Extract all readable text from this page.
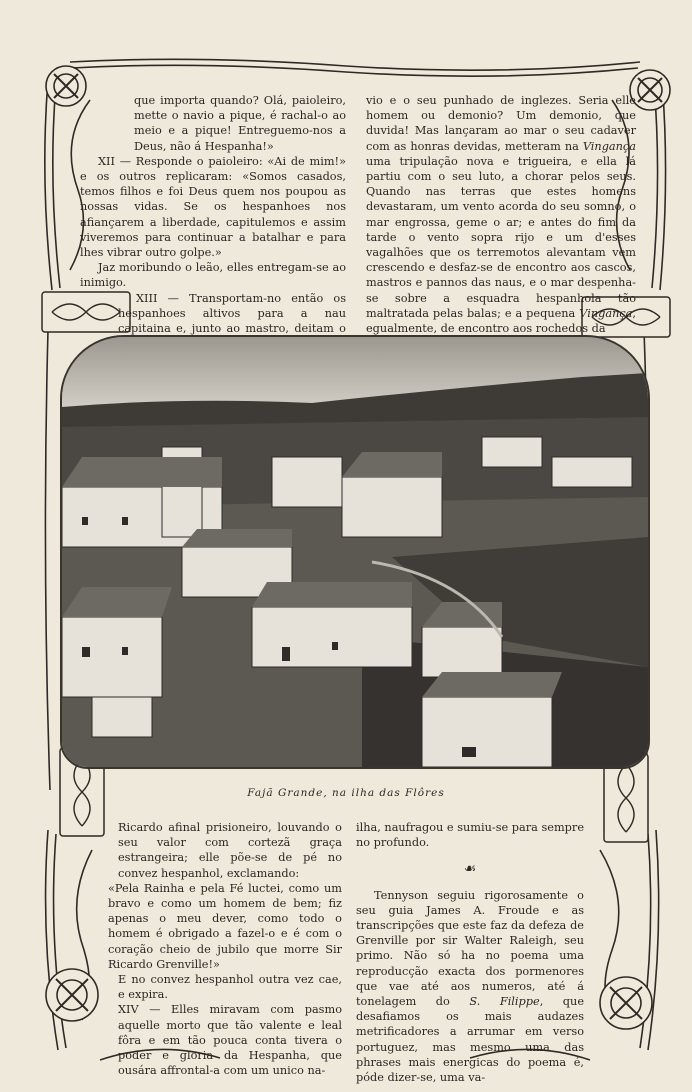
que importa quando? Olá, paioleiro, mette o navio a pique, é rachal-o ao meio e a pique! Entreguemo-nos a Deus, não á Hespanha!»

XII — Responde o paioleiro: «Ai de mim!» e os outros replicaram: «Somos casados, temos filhos e foi Deus quem nos poupou as nossas vidas. Se os hespanhoes nos afiançarem a liberdade, capitulemos e assim viveremos para continuar a batalhar e para lhes vibrar outro golpe.»

Jaz moribundo o leão, elles entregam-se ao inimigo.

XIII — Transportam-no então os hespanhoes altivos para a nau capitaina e, junto ao mastro, deitam o

vio e o seu punhado de inglezes. Seria elle homem ou demonio? Um demonio, que duvida! Mas lançaram ao mar o seu cadaver com as honras devidas, metteram na Vingança uma tripulação nova e trigueira, e ella lá partiu com o seu luto, a chorar pelos seus. Quando nas terras que estes homens devastaram, um vento acorda do seu somno, o mar engrossa, geme o ar; e antes do fim da tarde o vento sopra rijo e um d'esses vagalhões que os terremotos alevantam vem crescendo e desfaz-se de encontro aos cascos, mastros e pannos das naus, e o mar despenha-se sobre a esquadra hespanhola tão maltratada pelas balas; e a pequena Vingança, egualmente, de encontro aos rochedos da

Fajã Grande, na ilha das Flôres

Ricardo afinal prisioneiro, louvando o seu valor com cortezã graça estrangeira; elle põe-se de pé no convez hespanhol, exclamando:

«Pela Rainha e pela Fé luctei, como um bravo e como um homem de bem; fiz apenas o meu dever, como todo o homem é obrigado a fazel-o e é com o coração cheio de jubilo que morre Sir Ricardo Grenville!»

E no convez hespanhol outra vez cae, e expira.

XIV — Elles miravam com pasmo aquelle morto que tão valente e leal fôra e em tão pouca conta tivera o poder e gloria da Hespanha, que ousára affrontal-a com um unico na-

ilha, naufragou e sumiu-se para sempre no profundo.

☙

Tennyson seguiu rigorosamente o seu guia James A. Froude e as transcripções que este faz da defeza de Grenville por sir Walter Raleigh, seu primo. Não só ha no poema uma reproducção exacta dos pormenores que vae até aos numeros, até á tonelagem do S. Filippe, que desafiamos os mais audazes metrificadores a arrumar em verso portuguez, mas mesmo uma das phrases mais energicas do poema é, póde dizer-se, uma va-
